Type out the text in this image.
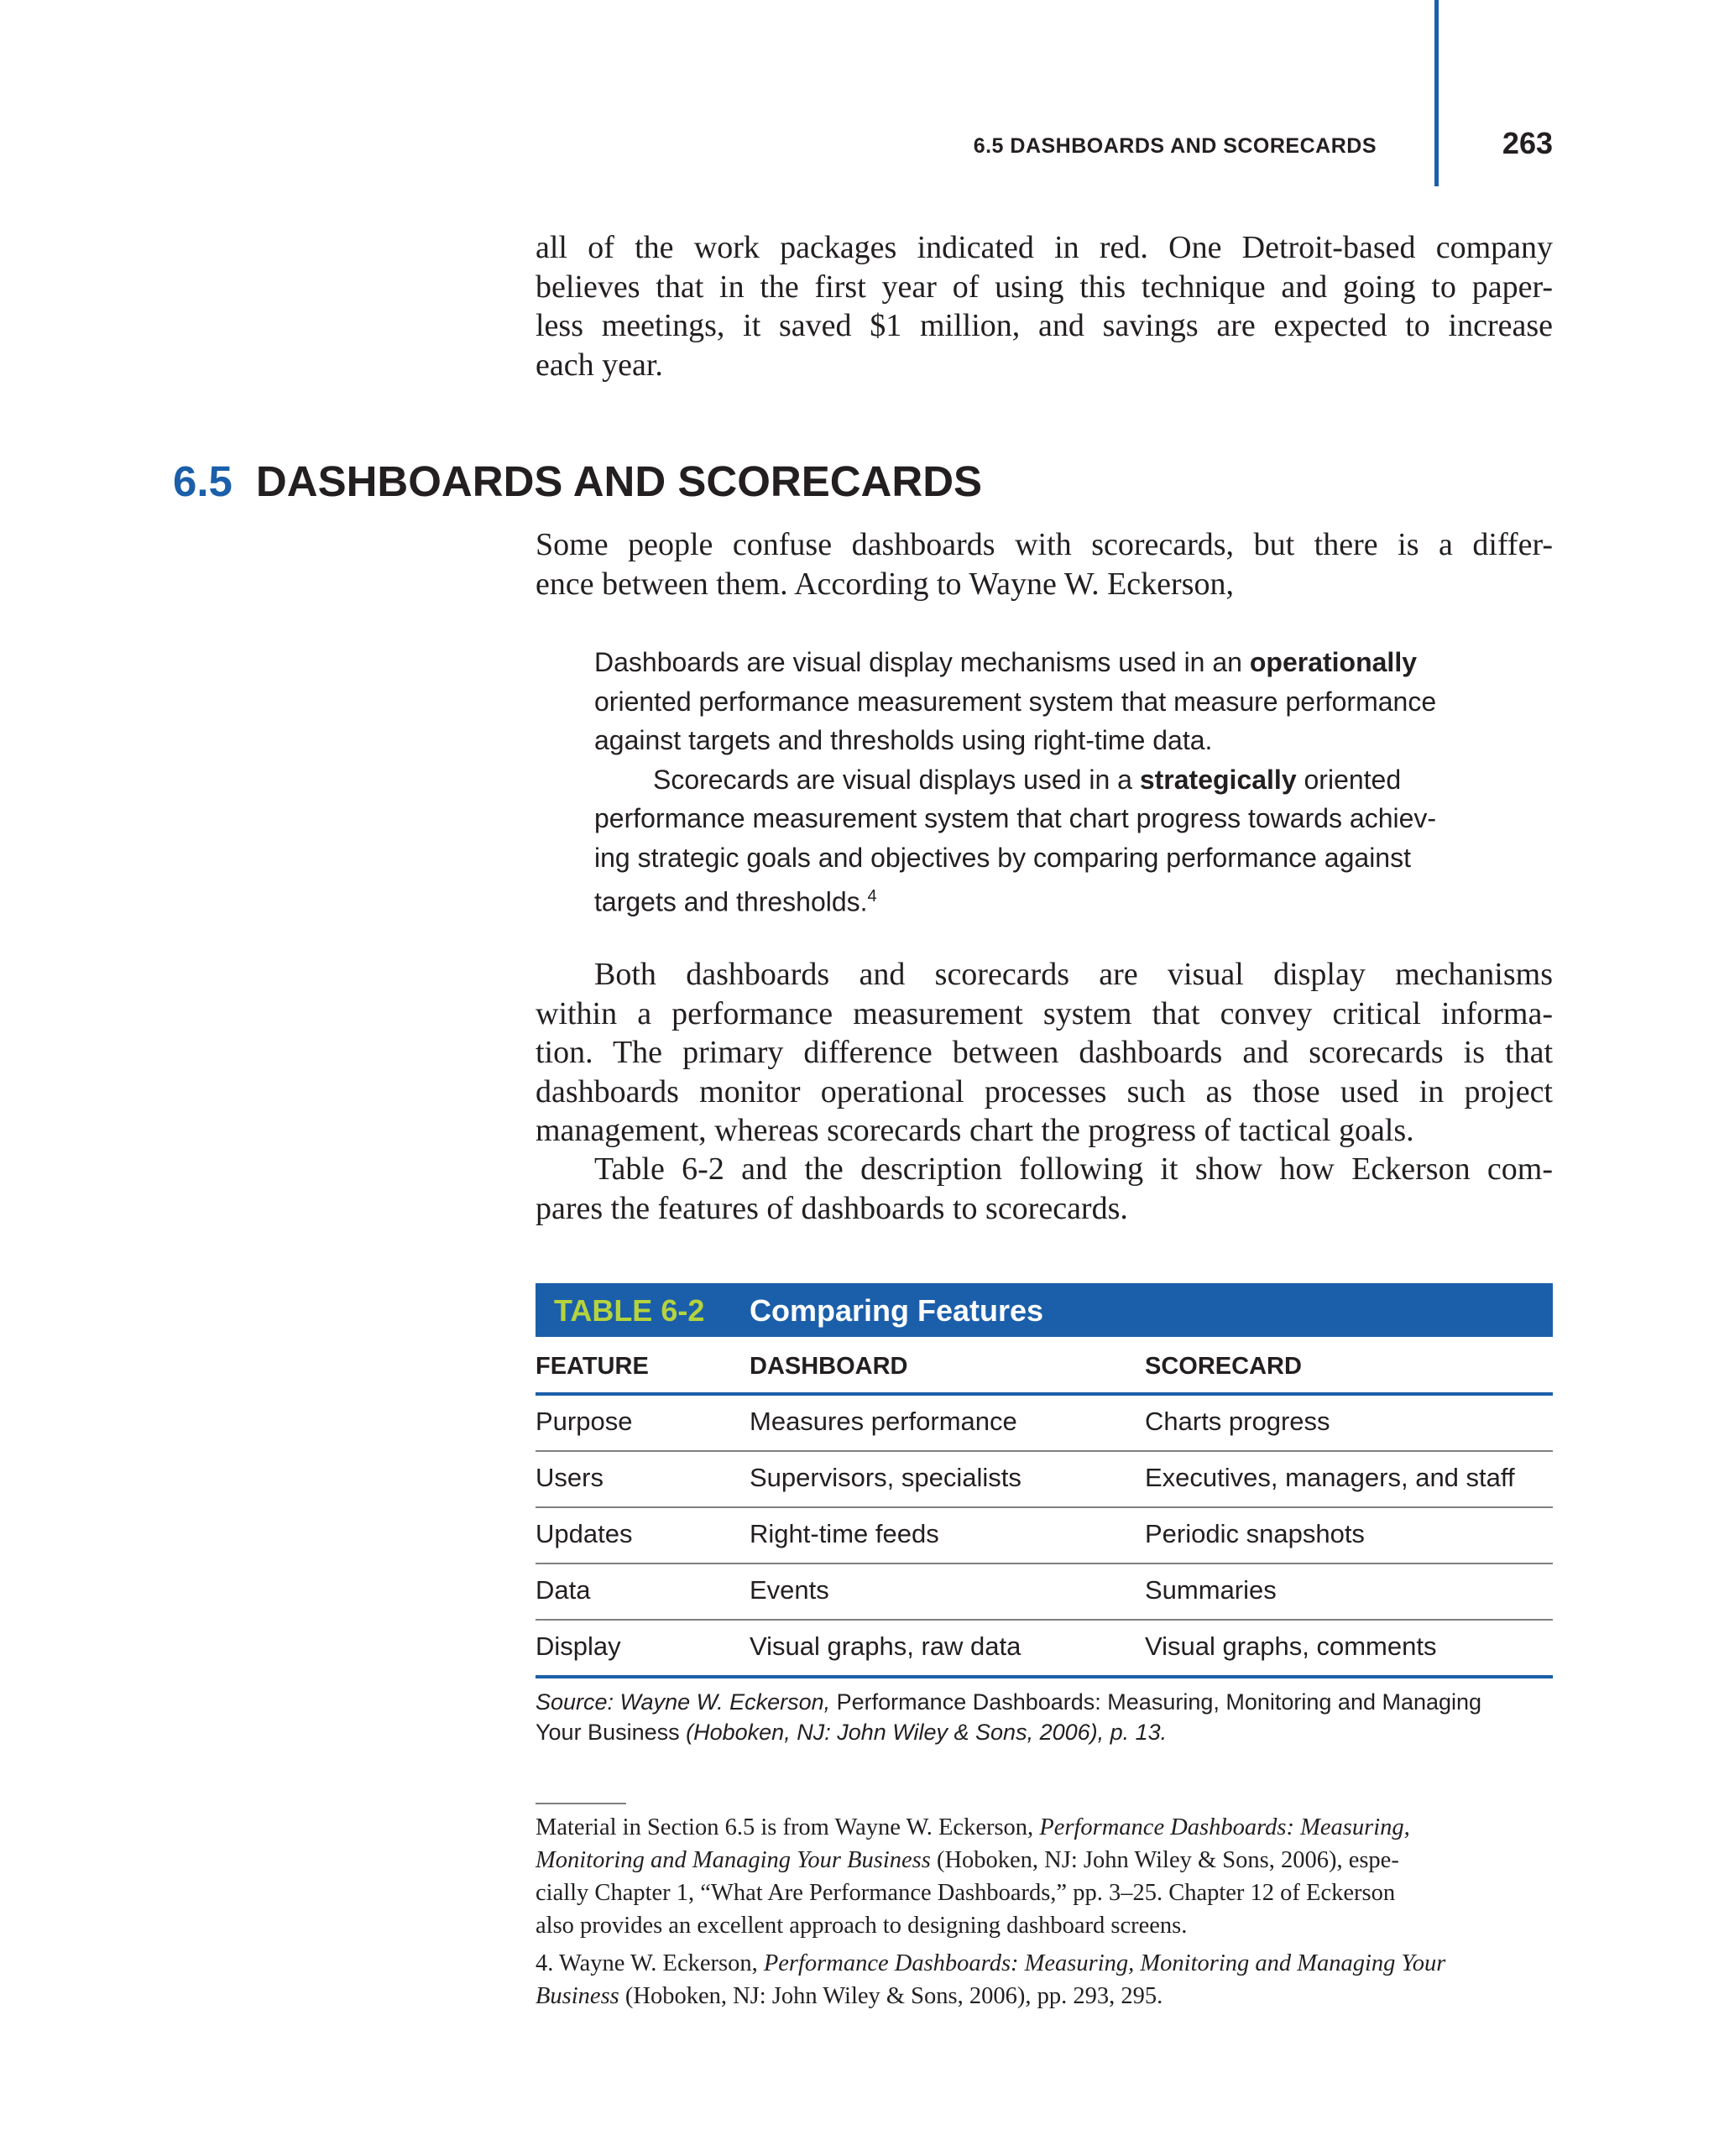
6.5 DASHBOARDS AND SCORECARDS	263

all of the work packages indicated in red. One Detroit-based company
believes that in the first year of using this technique and going to paper-
less meetings, it saved $1 million, and savings are expected to increase
each year.

6.5 DASHBOARDS AND SCORECARDS

Some people confuse dashboards with scorecards, but there is a differ-
ence between them. According to Wayne W. Eckerson,

Dashboards are visual display mechanisms used in an operationally
oriented performance measurement system that measure performance
against targets and thresholds using right-time data.
Scorecards are visual displays used in a strategically oriented
performance measurement system that chart progress towards achiev-
ing strategic goals and objectives by comparing performance against
targets and thresholds.$^4$

Both dashboards and scorecards are visual display mechanisms
within a performance measurement system that convey critical informa-
tion. The primary difference between dashboards and scorecards is that
dashboards monitor operational processes such as those used in project
management, whereas scorecards chart the progress of tactical goals.

Table 6-2 and the description following it show how Eckerson com-
pares the features of dashboards to scorecards.

TABLE 6-2 Comparing Features
FEATURE	DASHBOARD	SCORECARD
Purpose	Measures performance	Charts progress
Users	Supervisors, specialists	Executives, managers, and staff
Updates	Right-time feeds	Periodic snapshots
Data	Events	Summaries
Display	Visual graphs, raw data	Visual graphs, comments
Source: Wayne W. Eckerson, Performance Dashboards: Measuring, Monitoring and Managing
Your Business (Hoboken, NJ: John Wiley & Sons, 2006), p. 13.

Material in Section 6.5 is from Wayne W. Eckerson, Performance Dashboards: Measuring,
Monitoring and Managing Your Business (Hoboken, NJ: John Wiley & Sons, 2006), espe-
cially Chapter 1, “What Are Performance Dashboards,” pp. 3–25. Chapter 12 of Eckerson
also provides an excellent approach to designing dashboard screens.

4. Wayne W. Eckerson, Performance Dashboards: Measuring, Monitoring and Managing Your
Business (Hoboken, NJ: John Wiley & Sons, 2006), pp. 293, 295.
